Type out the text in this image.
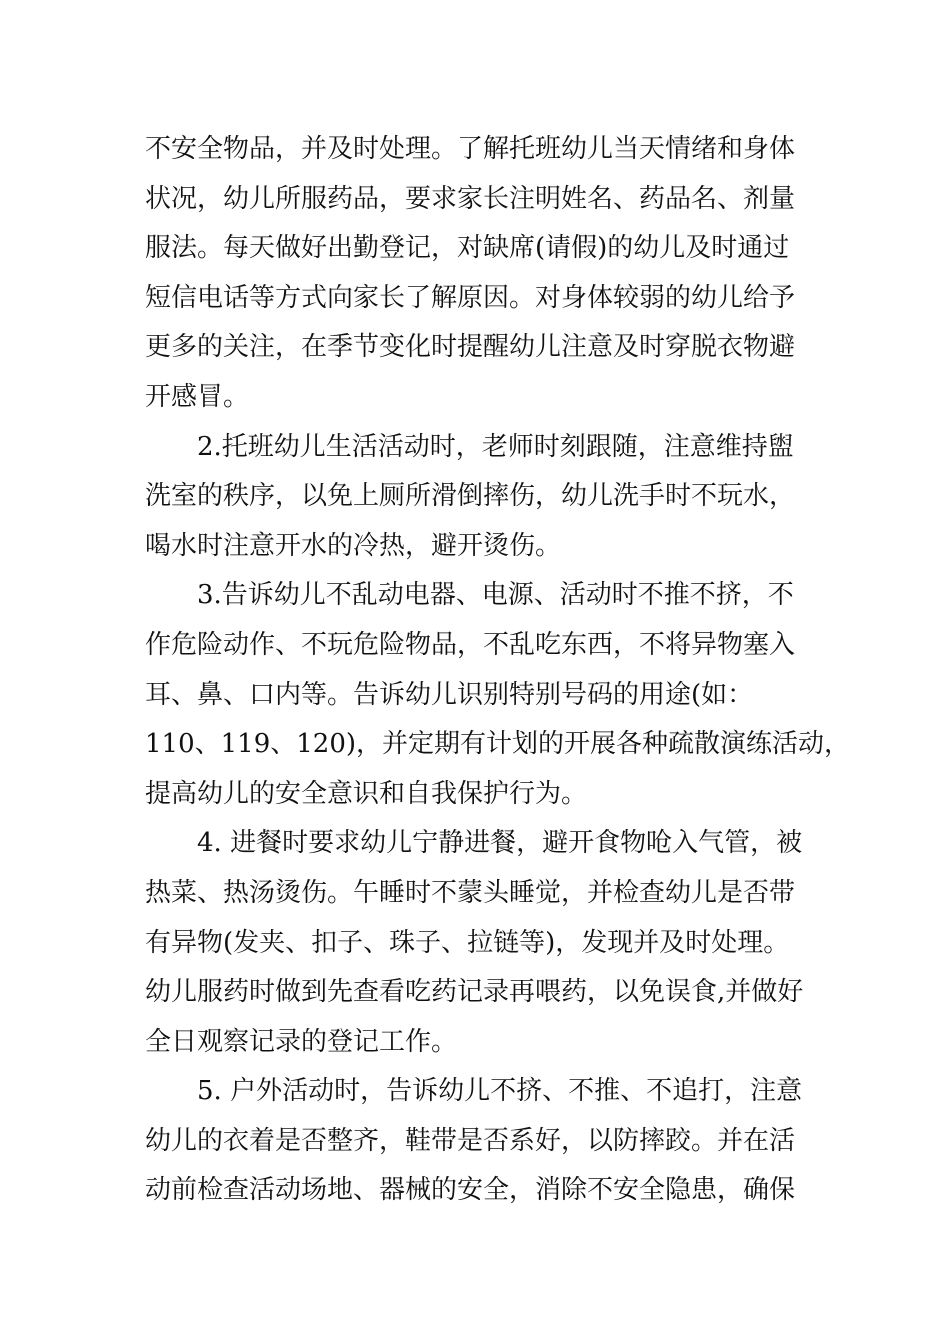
不安全物品，并及时处理。了解托班幼儿当天情绪和身体
状况，幼儿所服药品，要求家长注明姓名、药品名、剂量
服法。每天做好出勤登记，对缺席(请假)的幼儿及时通过
短信电话等方式向家长了解原因。对身体较弱的幼儿给予
更多的关注，在季节变化时提醒幼儿注意及时穿脱衣物避
开感冒。
2.托班幼儿生活活动时，老师时刻跟随，注意维持盥
洗室的秩序，以免上厕所滑倒摔伤，幼儿洗手时不玩水，
喝水时注意开水的冷热，避开烫伤。
3.告诉幼儿不乱动电器、电源、活动时不推不挤，不
作危险动作、不玩危险物品，不乱吃东西，不将异物塞入
耳、鼻、口内等。告诉幼儿识别特别号码的用途(如：
110、119、120)，并定期有计划的开展各种疏散演练活动，
提高幼儿的安全意识和自我保护行为。
4. 进餐时要求幼儿宁静进餐，避开食物呛入气管，被
热菜、热汤烫伤。午睡时不蒙头睡觉，并检查幼儿是否带
有异物(发夹、扣子、珠子、拉链等)，发现并及时处理。
幼儿服药时做到先查看吃药记录再喂药，以免误食,并做好
全日观察记录的登记工作。
5. 户外活动时，告诉幼儿不挤、不推、不追打，注意
幼儿的衣着是否整齐，鞋带是否系好，以防摔跤。并在活
动前检查活动场地、器械的安全，消除不安全隐患，确保
